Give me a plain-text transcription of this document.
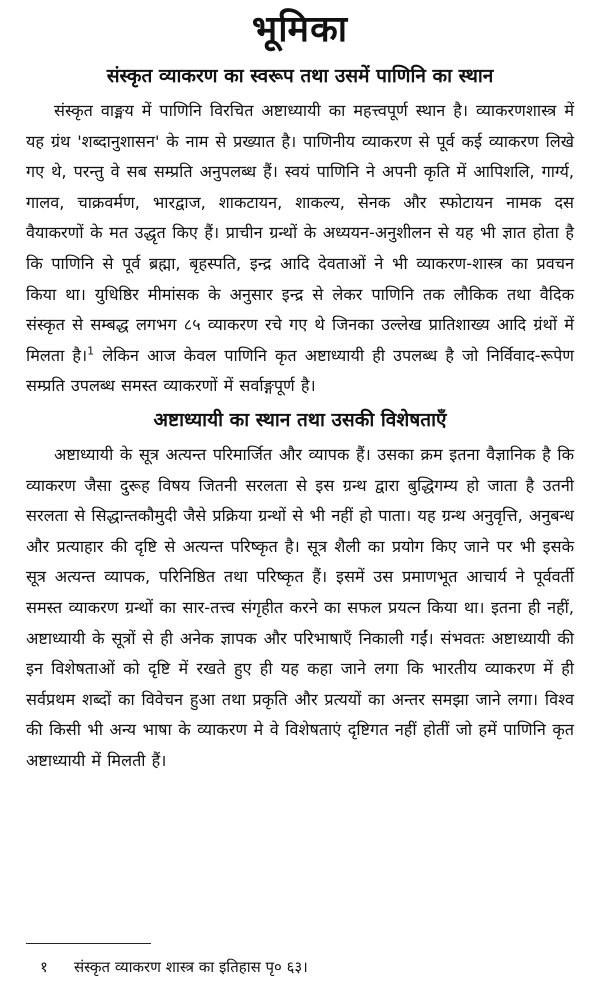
भूमिका
संस्कृत व्याकरण का स्वरूप तथा उसमें पाणिनि का स्थान

संस्कृत वाङ्मय में पाणिनि विरचित अष्टाध्यायी का महत्त्वपूर्ण स्थान है। व्याकरणशास्त्र में यह ग्रंथ 'शब्दानुशासन' के नाम से प्रख्यात है। पाणिनीय व्याकरण से पूर्व कई व्याकरण लिखे गए थे, परन्तु वे सब सम्प्रति अनुपलब्ध हैं। स्वयं पाणिनि ने अपनी कृति में आपिशलि, गार्ग्य, गालव, चाक्रवर्मण, भारद्वाज, शाकटायन, शाकल्य, सेनक और स्फोटायन नामक दस वैयाकरणों के मत उद्धृत किए हैं। प्राचीन ग्रन्थों के अध्ययन-अनुशीलन से यह भी ज्ञात होता है कि पाणिनि से पूर्व ब्रह्मा, बृहस्पति, इन्द्र आदि देवताओं ने भी व्याकरण-शास्त्र का प्रवचन किया था। युधिष्ठिर मीमांसक के अनुसार इन्द्र से लेकर पाणिनि तक लौकिक तथा वैदिक संस्कृत से सम्बद्ध लगभग ८५ व्याकरण रचे गए थे जिनका उल्लेख प्रातिशाख्य आदि ग्रंथों में मिलता है।$^1$ लेकिन आज केवल पाणिनि कृत अष्टाध्यायी ही उपलब्ध है जो निर्विवाद-रूपेण सम्प्रति उपलब्ध समस्त व्याकरणों में सर्वाङ्गपूर्ण है।

अष्टाध्यायी का स्थान तथा उसकी विशेषताएँ

अष्टाध्यायी के सूत्र अत्यन्त परिमार्जित और व्यापक हैं। उसका क्रम इतना वैज्ञानिक है कि व्याकरण जैसा दुरूह विषय जितनी सरलता से इस ग्रन्थ द्वारा बुद्धिगम्य हो जाता है उतनी सरलता से सिद्धान्तकौमुदी जैसे प्रक्रिया ग्रन्थों से भी नहीं हो पाता। यह ग्रन्थ अनुवृत्ति, अनुबन्ध और प्रत्याहार की दृष्टि से अत्यन्त परिष्कृत है। सूत्र शैली का प्रयोग किए जाने पर भी इसके सूत्र अत्यन्त व्यापक, परिनिष्ठित तथा परिष्कृत हैं। इसमें उस प्रमाणभूत आचार्य ने पूर्ववर्ती समस्त व्याकरण ग्रन्थों का सार-तत्त्व संगृहीत करने का सफल प्रयत्न किया था। इतना ही नहीं, अष्टाध्यायी के सूत्रों से ही अनेक ज्ञापक और परिभाषाएँ निकाली गईं। संभवतः अष्टाध्यायी की इन विशेषताओं को दृष्टि में रखते हुए ही यह कहा जाने लगा कि भारतीय व्याकरण में ही सर्वप्रथम शब्दों का विवेचन हुआ तथा प्रकृति और प्रत्ययों का अन्तर समझा जाने लगा। विश्व की किसी भी अन्य भाषा के व्याकरण मे वे विशेषताएं दृष्टिगत नहीं होतीं जो हमें पाणिनि कृत अष्टाध्यायी में मिलती हैं।

१ संस्कृत व्याकरण शास्त्र का इतिहास पृ० ६३।
